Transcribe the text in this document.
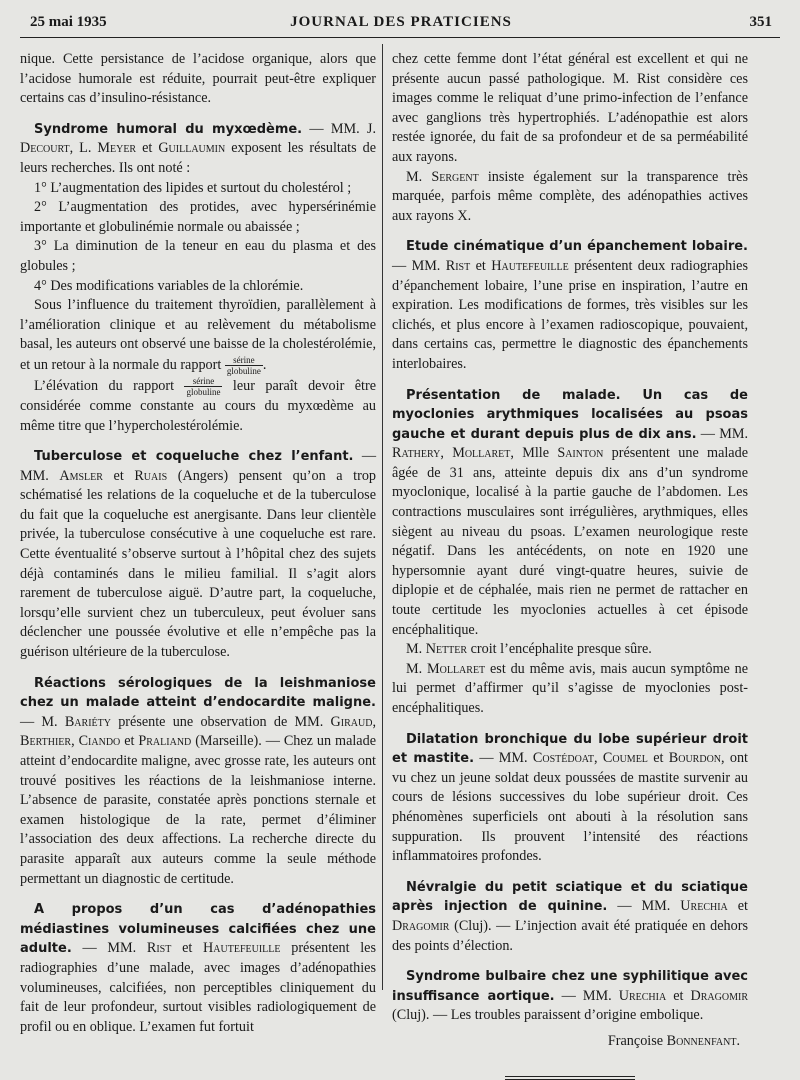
25 mai 1935	JOURNAL DES PRATICIENS	351

nique. Cette persistance de l’acidose organique, alors que l’acidose humorale est réduite, pourrait peut-être expliquer certains cas d’insulino-résistance.

Syndrome humoral du myxœdème. — MM. J. Decourt, L. Meyer et Guillaumin exposent les résultats de leurs recherches. Ils ont noté :

1° L’augmentation des lipides et surtout du cholestérol ;

2° L’augmentation des protides, avec hypersérinémie importante et globulinémie normale ou abaissée ;

3° La diminution de la teneur en eau du plasma et des globules ;

4° Des modifications variables de la chlorémie.

Sous l’influence du traitement thyroïdien, parallèlement à l’amélioration clinique et au relèvement du métabolisme basal, les auteurs ont observé une baisse de la cholestérolémie, et un retour à la normale du rapport $\frac{\text{sérine}}{\text{globuline}}$ .

L’élévation du rapport $\frac{\text{sérine}}{\text{globuline}}$ leur paraît devoir être considérée comme constante au cours du myxœdème au même titre que l’hypercholestérolémie.

Tuberculose et coqueluche chez l’enfant. — MM. Amsler et Ruais (Angers) pensent qu’on a trop schématisé les relations de la coqueluche et de la tuberculose du fait que la coqueluche est anergisante. Dans leur clientèle privée, la tuberculose consécutive à une coqueluche est rare. Cette éventualité s’observe surtout à l’hôpital chez des sujets déjà contaminés dans le milieu familial. Il s’agit alors rarement de tuberculose aiguë. D’autre part, la coqueluche, lorsqu’elle survient chez un tuberculeux, peut évoluer sans déclencher une poussée évolutive et elle n’empêche pas la guérison ultérieure de la tuberculose.

Réactions sérologiques de la leishmaniose chez un malade atteint d’endocardite maligne. — M. Bariéty présente une observation de MM. Giraud, Berthier, Ciando et Praliand (Marseille). — Chez un malade atteint d’endocardite maligne, avec grosse rate, les auteurs ont trouvé positives les réactions de la leishmaniose interne. L’absence de parasite, constatée après ponctions sternale et examen histologique de la rate, permet d’éliminer l’association des deux affections. La recherche directe du parasite apparaît aux auteurs comme la seule méthode permettant un diagnostic de certitude.

A propos d’un cas d’adénopathies médiastines volumineuses calcifiées chez une adulte. — MM. Rist et Hautefeuille présentent les radiographies d’une malade, avec images d’adénopathies volumineuses, calcifiées, non perceptibles cliniquement du fait de leur profondeur, surtout visibles radiologiquement de profil ou en oblique. L’examen fut fortuit

chez cette femme dont l’état général est excellent et qui ne présente aucun passé pathologique. M. Rist considère ces images comme le reliquat d’une primo-infection de l’enfance avec ganglions très hypertrophiés. L’adénopathie est alors restée ignorée, du fait de sa profondeur et de sa perméabilité aux rayons.

M. Sergent insiste également sur la transparence très marquée, parfois même complète, des adénopathies actives aux rayons X.

Etude cinématique d’un épanchement lobaire. — MM. Rist et Hautefeuille présentent deux radiographies d’épanchement lobaire, l’une prise en inspiration, l’autre en expiration. Les modifications de formes, très visibles sur les clichés, et plus encore à l’examen radioscopique, pouvaient, dans certains cas, permettre le diagnostic des épanchements interlobaires.

Présentation de malade. Un cas de myoclonies arythmiques localisées au psoas gauche et durant depuis plus de dix ans. — MM. Rathery, Mollaret, Mlle Sainton présentent une malade âgée de 31 ans, atteinte depuis dix ans d’un syndrome myoclonique, localisé à la partie gauche de l’abdomen. Les contractions musculaires sont irrégulières, arythmiques, elles siègent au niveau du psoas. L’examen neurologique reste négatif. Dans les antécédents, on note en 1920 une hypersomnie ayant duré vingt-quatre heures, suivie de diplopie et de céphalée, mais rien ne permet de rattacher en toute certitude les myoclonies actuelles à cet épisode encéphalitique.

M. Netter croit l’encéphalite presque sûre.

M. Mollaret est du même avis, mais aucun symptôme ne lui permet d’affirmer qu’il s’agisse de myoclonies post-encéphalitiques.

Dilatation bronchique du lobe supérieur droit et mastite. — MM. Costédoat, Coumel et Bourdon, ont vu chez un jeune soldat deux poussées de mastite survenir au cours de lésions successives du lobe supérieur droit. Ces phénomènes superficiels ont abouti à la résolution sans suppuration. Ils prouvent l’intensité des réactions inflammatoires profondes.

Névralgie du petit sciatique et du sciatique après injection de quinine. — MM. Urechia et Dragomir (Cluj). — L’injection avait été pratiquée en dehors des points d’élection.

Syndrome bulbaire chez une syphilitique avec insuffisance aortique. — MM. Urechia et Dragomir (Cluj). — Les troubles paraissent d’origine embolique.

Françoise Bonnenfant.
